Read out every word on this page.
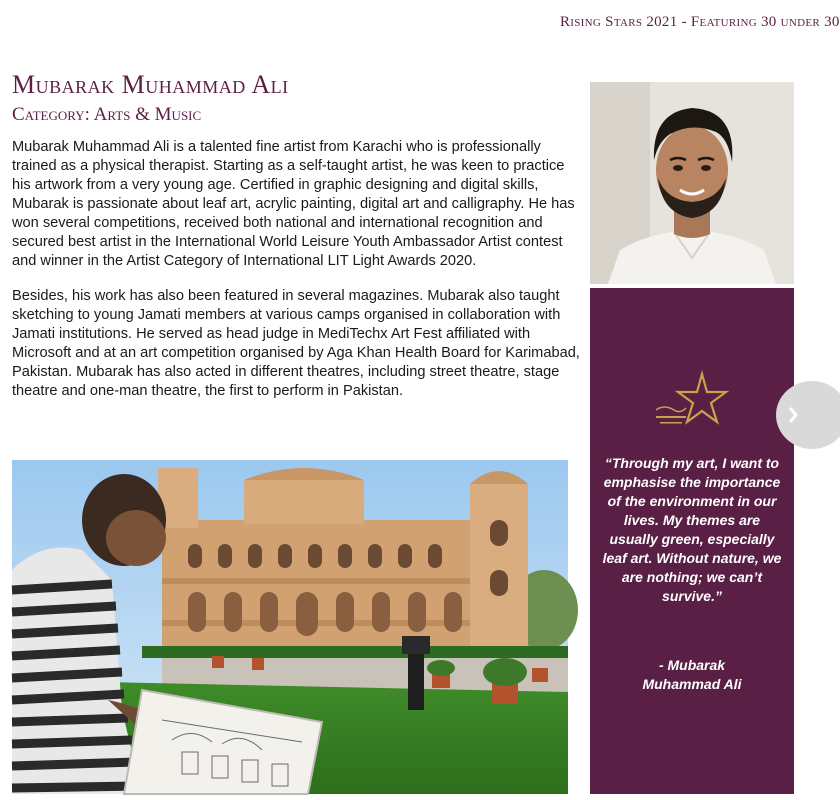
Rising Stars 2021 - Featuring 30 under 30
Mubarak Muhammad Ali
Category: Arts & Music

Mubarak Muhammad Ali is a talented fine artist from Karachi who is professionally trained as a physical therapist. Starting as a self-taught artist, he was keen to practice his artwork from a very young age. Certified in graphic designing and digital skills, Mubarak is passionate about leaf art, acrylic painting, digital art and calligraphy. He has won several competitions, received both national and international recognition and secured best artist in the International World Leisure Youth Ambassador Artist contest and winner in the Artist Category of International LIT Light Awards 2020.

Besides, his work has also been featured in several magazines. Mubarak also taught sketching to young Jamati members at various camps organised in collaboration with Jamati institutions. He served as head judge in MediTechx Art Fest affiliated with Microsoft and at an art competition organised by Aga Khan Health Board for Karimabad, Pakistan. Mubarak has also acted in different theatres, including street theatre, stage theatre and one-man theatre, the first to perform in Pakistan.

“Through my art, I want to emphasise the importance of the environment in our lives. My themes are usually green, especially leaf art. Without nature, we are nothing; we can’t survive.”

- Mubarak
Muhammad Ali
